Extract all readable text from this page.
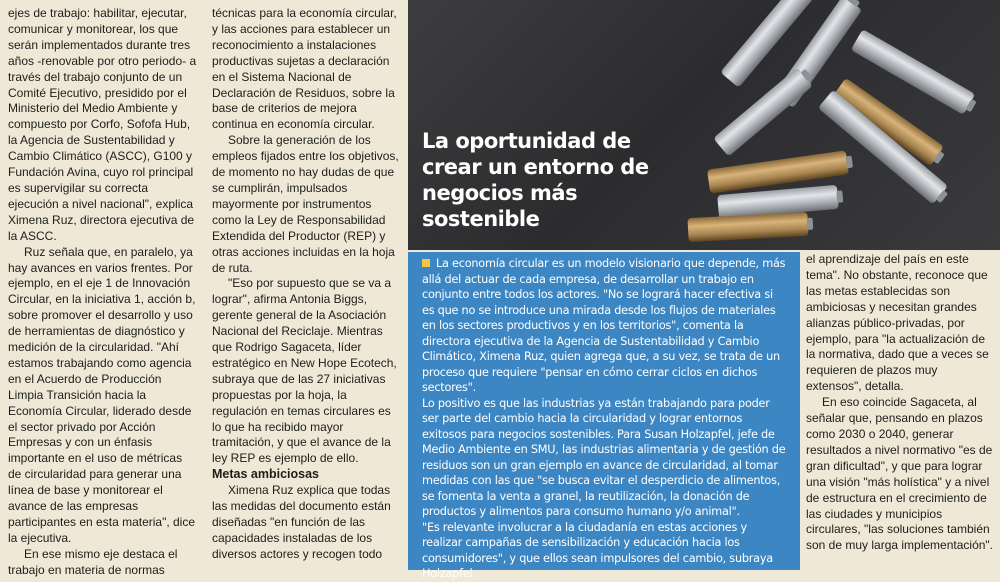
ejes de trabajo: habilitar, ejecutar, comunicar y monitorear, los que serán implementados durante tres años -renovable por otro periodo- a través del trabajo conjunto de un Comité Ejecutivo, presidido por el Ministerio del Medio Ambiente y compuesto por Corfo, Sofofa Hub, la Agencia de Sustentabilidad y Cambio Climático (ASCC), G100 y Fundación Avina, cuyo rol principal es supervigilar su correcta ejecución a nivel nacional", explica Ximena Ruz, directora ejecutiva de la ASCC.

Ruz señala que, en paralelo, ya hay avances en varios frentes. Por ejemplo, en el eje 1 de Innovación Circular, en la iniciativa 1, acción b, sobre promover el desarrollo y uso de herramientas de diagnóstico y medición de la circularidad. "Ahí estamos trabajando como agencia en el Acuerdo de Producción Limpia Transición hacia la Economía Circular, liderado desde el sector privado por Acción Empresas y con un énfasis importante en el uso de métricas de circularidad para generar una línea de base y monitorear el avance de las empresas participantes en esta materia", dice la ejecutiva.

En ese mismo eje destaca el trabajo en materia de normas

técnicas para la economía circular, y las acciones para establecer un reconocimiento a instalaciones productivas sujetas a declaración en el Sistema Nacional de Declaración de Residuos, sobre la base de criterios de mejora continua en economía circular.

Sobre la generación de los empleos fijados entre los objetivos, de momento no hay dudas de que se cumplirán, impulsados mayormente por instrumentos como la Ley de Responsabilidad Extendida del Productor (REP) y otras acciones incluidas en la hoja de ruta.

"Eso por supuesto que se va a lograr", afirma Antonia Biggs, gerente general de la Asociación Nacional del Reciclaje. Mientras que Rodrigo Sagaceta, líder estratégico en New Hope Ecotech, subraya que de las 27 iniciativas propuestas por la hoja, la regulación en temas circulares es lo que ha recibido mayor tramitación, y que el avance de la ley REP es ejemplo de ello.

Metas ambiciosas

Ximena Ruz explica que todas las medidas del documento están diseñadas "en función de las capacidades instaladas de los diversos actores y recogen todo

La oportunidad de crear un entorno de negocios más sostenible

La economía circular es un modelo visionario que depende, más allá del actuar de cada empresa, de desarrollar un trabajo en conjunto entre todos los actores. "No se logrará hacer efectiva si es que no se introduce una mirada desde los flujos de materiales en los sectores productivos y en los territorios", comenta la directora ejecutiva de la Agencia de Sustentabilidad y Cambio Climático, Ximena Ruz, quien agrega que, a su vez, se trata de un proceso que requiere "pensar en cómo cerrar ciclos en dichos sectores".

Lo positivo es que las industrias ya están trabajando para poder ser parte del cambio hacia la circularidad y lograr entornos exitosos para negocios sostenibles. Para Susan Holzapfel, jefe de Medio Ambiente en SMU, las industrias alimentaria y de gestión de residuos son un gran ejemplo en avance de circularidad, al tomar medidas con las que "se busca evitar el desperdicio de alimentos, se fomenta la venta a granel, la reutilización, la donación de productos y alimentos para consumo humano y/o animal".

"Es relevante involucrar a la ciudadanía en estas acciones y realizar campañas de sensibilización y educación hacia los consumidores", y que ellos sean impulsores del cambio, subraya Holzapfel.

el aprendizaje del país en este tema". No obstante, reconoce que las metas establecidas son ambiciosas y necesitan grandes alianzas público-privadas, por ejemplo, para "la actualización de la normativa, dado que a veces se requieren de plazos muy extensos", detalla.

En eso coincide Sagaceta, al señalar que, pensando en plazos como 2030 o 2040, generar resultados a nivel normativo "es de gran dificultad", y que para lograr una visión "más holística" y a nivel de estructura en el crecimiento de las ciudades y municipios circulares, "las soluciones también son de muy larga implementación".
